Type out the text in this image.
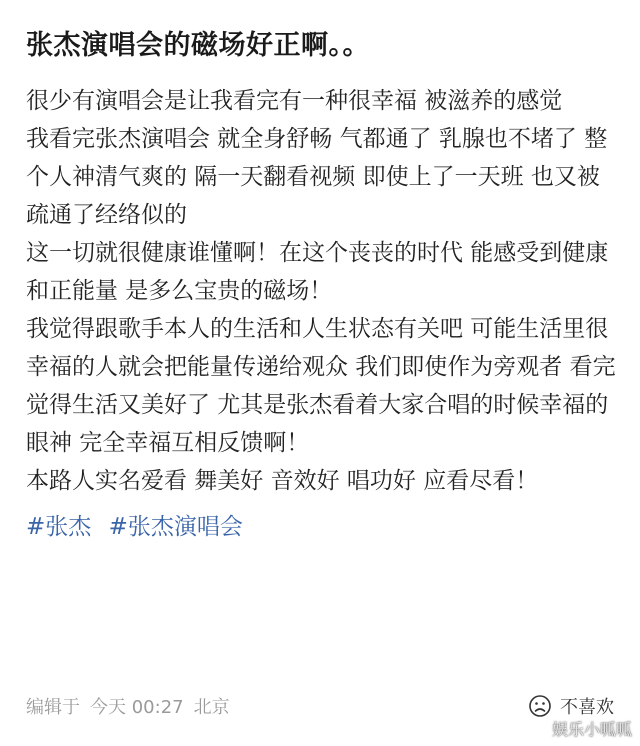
张杰演唱会的磁场好正啊。。

很少有演唱会是让我看完有一种很幸福 被滋养的感觉

我看完张杰演唱会 就全身舒畅 气都通了 乳腺也不堵了 整个人神清气爽的 隔一天翻看视频 即使上了一天班 也又被疏通了经络似的

这一切就很健康谁懂啊！在这个丧丧的时代 能感受到健康和正能量 是多么宝贵的磁场！

我觉得跟歌手本人的生活和人生状态有关吧 可能生活里很幸福的人就会把能量传递给观众 我们即使作为旁观者 看完觉得生活又美好了 尤其是张杰看着大家合唱的时候幸福的眼神 完全幸福互相反馈啊！

本路人实名爱看 舞美好 音效好 唱功好 应看尽看！

#张杰 #张杰演唱会
编辑于 今天 00:27 北京	不喜欢
娱乐小呱呱
